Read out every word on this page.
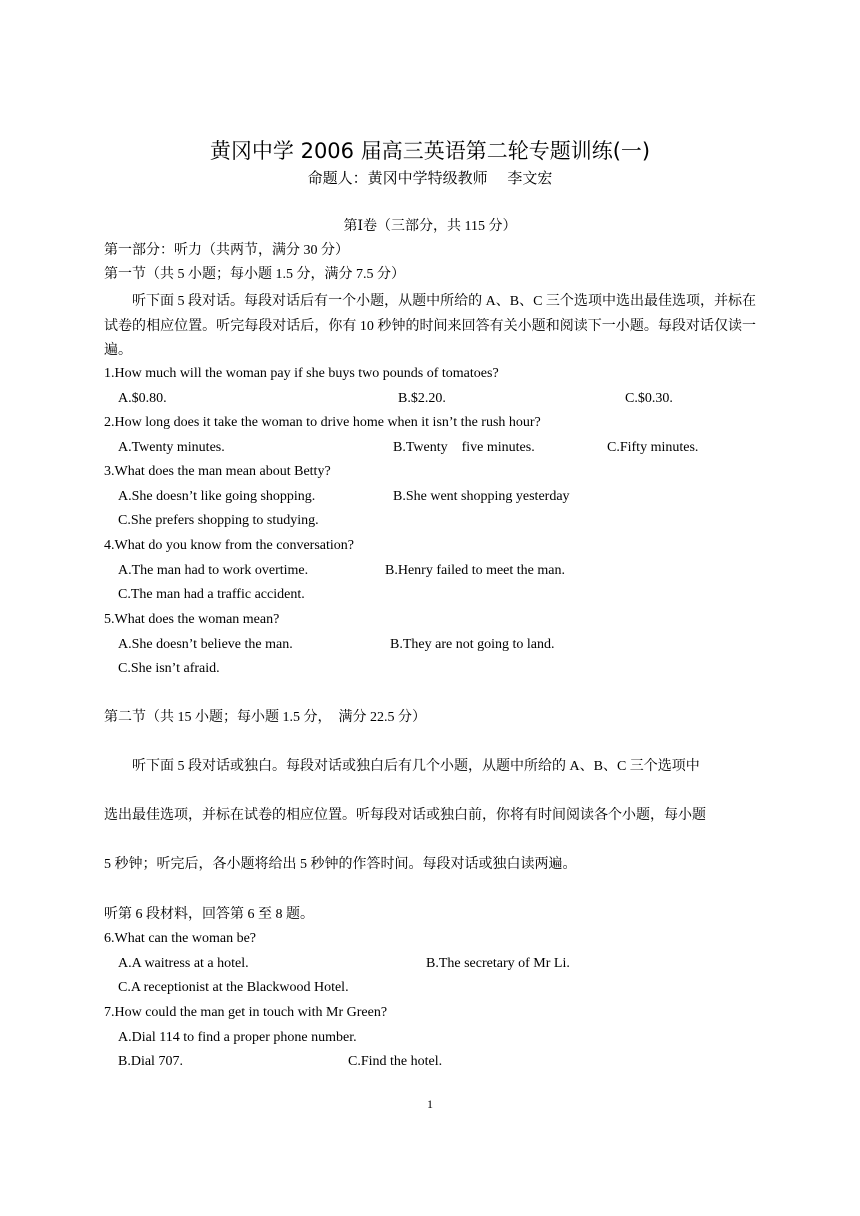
黄冈中学 2006 届高三英语第二轮专题训练(一)
命题人：黄冈中学特级教师　 李文宏
第Ⅰ卷（三部分，共 115 分）
第一部分：听力（共两节，满分 30 分）
第一节（共 5 小题；每小题 1.5 分，满分 7.5 分）
听下面 5 段对话。每段对话后有一个小题，从题中所给的 A、B、C 三个选项中选出最佳选项，并标在试卷的相应位置。听完每段对话后，你有 10 秒钟的时间来回答有关小题和阅读下一小题。每段对话仅读一遍。
1.How much will the woman pay if she buys two pounds of tomatoes?
A.$0.80.	B.$2.20.	C.$0.30.
2.How long does it take the woman to drive home when it isn’t the rush hour?
A.Twenty minutes.	B.Twenty　five minutes.	C.Fifty minutes.
3.What does the man mean about Betty?
A.She doesn’t like going shopping.	B.She went shopping yesterday
C.She prefers shopping to studying.
4.What do you know from the conversation?
A.The man had to work overtime.	B.Henry failed to meet the man.
C.The man had a traffic accident.
5.What does the woman mean?
A.She doesn’t believe the man.	B.They are not going to land.
C.She isn’t afraid.
第二节（共 15 小题；每小题 1.5 分，　满分 22.5 分）
听下面 5 段对话或独白。每段对话或独白后有几个小题，从题中所给的 A、B、C 三个选项中
选出最佳选项，并标在试卷的相应位置。听每段对话或独白前，你将有时间阅读各个小题，每小题
5 秒钟；听完后，各小题将给出 5 秒钟的作答时间。每段对话或独白读两遍。
听第 6 段材料，回答第 6 至 8 题。
6.What can the woman be?
A.A waitress at a hotel.	B.The secretary of Mr Li.
C.A receptionist at the Blackwood Hotel.
7.How could the man get in touch with Mr Green?
A.Dial 114 to find a proper phone number.
B.Dial 707.	C.Find the hotel.
1
